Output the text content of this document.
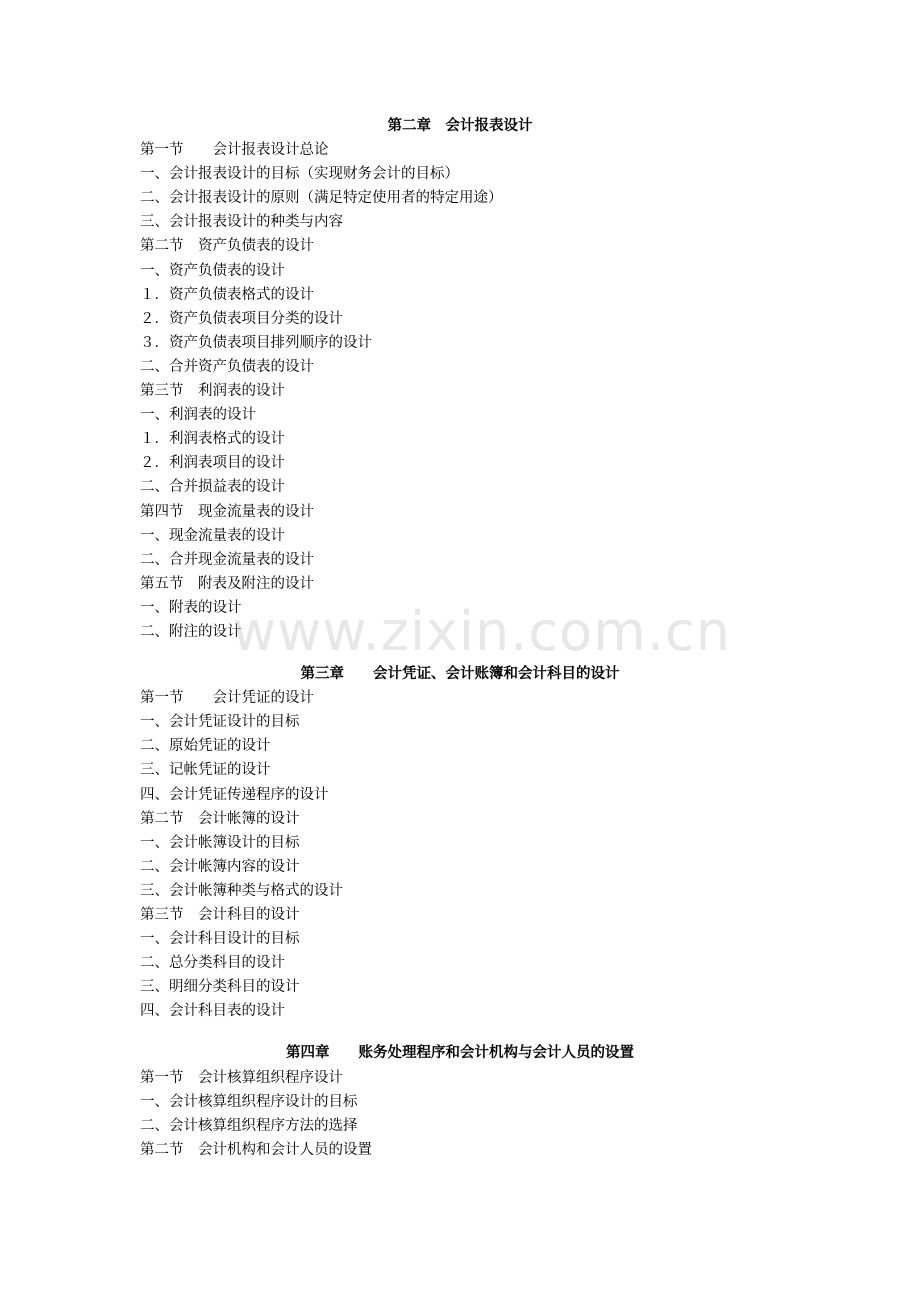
第二章　会计报表设计
第一节　　会计报表设计总论
一、会计报表设计的目标（实现财务会计的目标）
二、会计报表设计的原则（满足特定使用者的特定用途）
三、会计报表设计的种类与内容
第二节　资产负债表的设计
一、资产负债表的设计
１．资产负债表格式的设计
２．资产负债表项目分类的设计
３．资产负债表项目排列顺序的设计
二、合并资产负债表的设计
第三节　利润表的设计
一、利润表的设计
１．利润表格式的设计
２．利润表项目的设计
二、合并损益表的设计
第四节　现金流量表的设计
一、现金流量表的设计
二、合并现金流量表的设计
第五节　附表及附注的设计
一、附表的设计
二、附注的设计
第三章　　会计凭证、会计账簿和会计科目的设计
第一节　　会计凭证的设计
一、会计凭证设计的目标
二、原始凭证的设计
三、记帐凭证的设计
四、会计凭证传递程序的设计
第二节　会计帐簿的设计
一、会计帐簿设计的目标
二、会计帐簿内容的设计
三、会计帐簿种类与格式的设计
第三节　会计科目的设计
一、会计科目设计的目标
二、总分类科目的设计
三、明细分类科目的设计
四、会计科目表的设计
第四章　　账务处理程序和会计机构与会计人员的设置
第一节　会计核算组织程序设计
一、会计核算组织程序设计的目标
二、会计核算组织程序方法的选择
第二节　会计机构和会计人员的设置
www.zixin.com.cn
